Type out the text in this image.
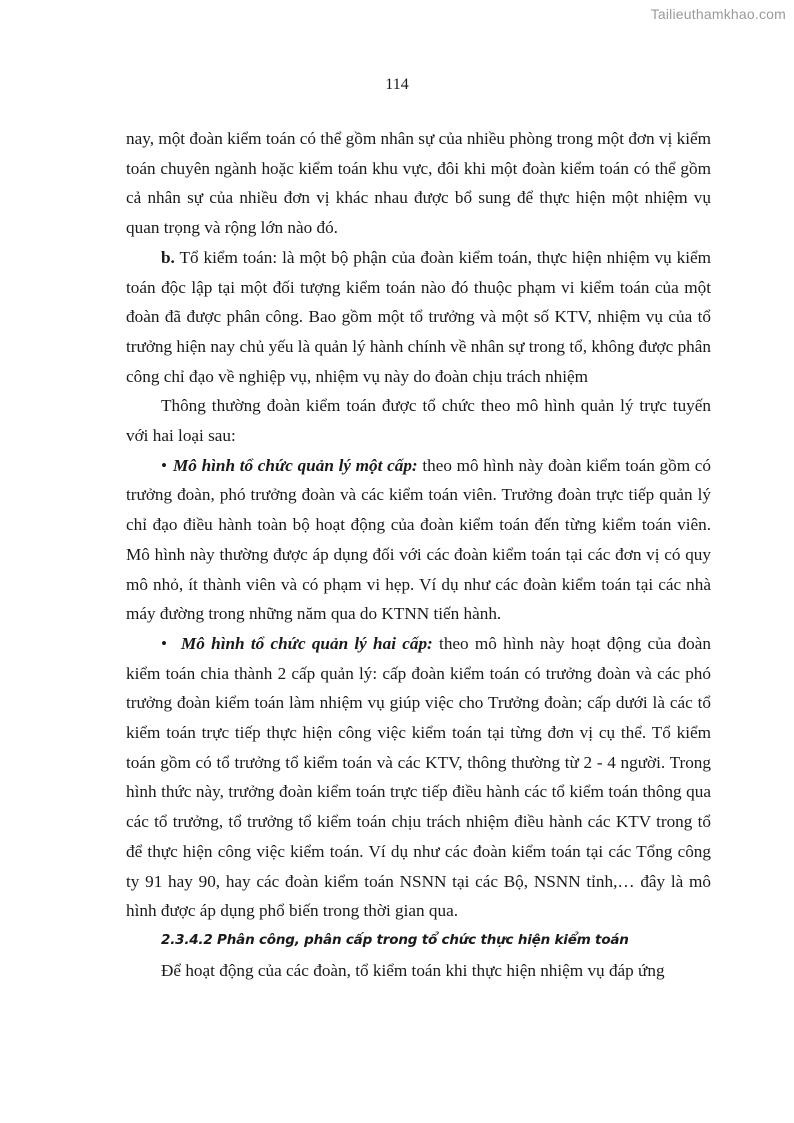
Tailieuthamkhao.com
114

nay, một đoàn kiểm toán có thể gồm nhân sự của nhiều phòng trong một đơn vị kiểm toán chuyên ngành hoặc kiểm toán khu vực, đôi khi một đoàn kiểm toán có thể gồm cả nhân sự của nhiều đơn vị khác nhau được bổ sung để thực hiện một nhiệm vụ quan trọng và rộng lớn nào đó.

b. Tổ kiểm toán: là một bộ phận của đoàn kiểm toán, thực hiện nhiệm vụ kiểm toán độc lập tại một đối tượng kiểm toán nào đó thuộc phạm vi kiểm toán của một đoàn đã được phân công. Bao gồm một tổ trưởng và một số KTV, nhiệm vụ của tổ trưởng hiện nay chủ yếu là quản lý hành chính về nhân sự trong tổ, không được phân công chỉ đạo về nghiệp vụ, nhiệm vụ này do đoàn chịu trách nhiệm

Thông thường đoàn kiểm toán được tổ chức theo mô hình quản lý trực tuyến với hai loại sau:

• Mô hình tổ chức quản lý một cấp: theo mô hình này đoàn kiểm toán gồm có trưởng đoàn, phó trưởng đoàn và các kiểm toán viên. Trưởng đoàn trực tiếp quản lý chỉ đạo điều hành toàn bộ hoạt động của đoàn kiểm toán đến từng kiểm toán viên. Mô hình này thường được áp dụng đối với các đoàn kiểm toán tại các đơn vị có quy mô nhỏ, ít thành viên và có phạm vi hẹp. Ví dụ như các đoàn kiểm toán tại các nhà máy đường trong những năm qua do KTNN tiến hành.

• Mô hình tổ chức quản lý hai cấp: theo mô hình này hoạt động của đoàn kiểm toán chia thành 2 cấp quản lý: cấp đoàn kiểm toán có trưởng đoàn và các phó trưởng đoàn kiểm toán làm nhiệm vụ giúp việc cho Trưởng đoàn; cấp dưới là các tổ kiểm toán trực tiếp thực hiện công việc kiểm toán tại từng đơn vị cụ thể. Tổ kiểm toán gồm có tổ trưởng tổ kiểm toán và các KTV, thông thường từ 2 - 4 người. Trong hình thức này, trưởng đoàn kiểm toán trực tiếp điều hành các tổ kiểm toán thông qua các tổ trưởng, tổ trưởng tổ kiểm toán chịu trách nhiệm điều hành các KTV trong tổ để thực hiện công việc kiểm toán. Ví dụ như các đoàn kiểm toán tại các Tổng công ty 91 hay 90, hay các đoàn kiểm toán NSNN tại các Bộ, NSNN tỉnh,… đây là mô hình được áp dụng phổ biến trong thời gian qua.

2.3.4.2 Phân công, phân cấp trong tổ chức thực hiện kiểm toán

Để hoạt động của các đoàn, tổ kiểm toán khi thực hiện nhiệm vụ đáp ứng
